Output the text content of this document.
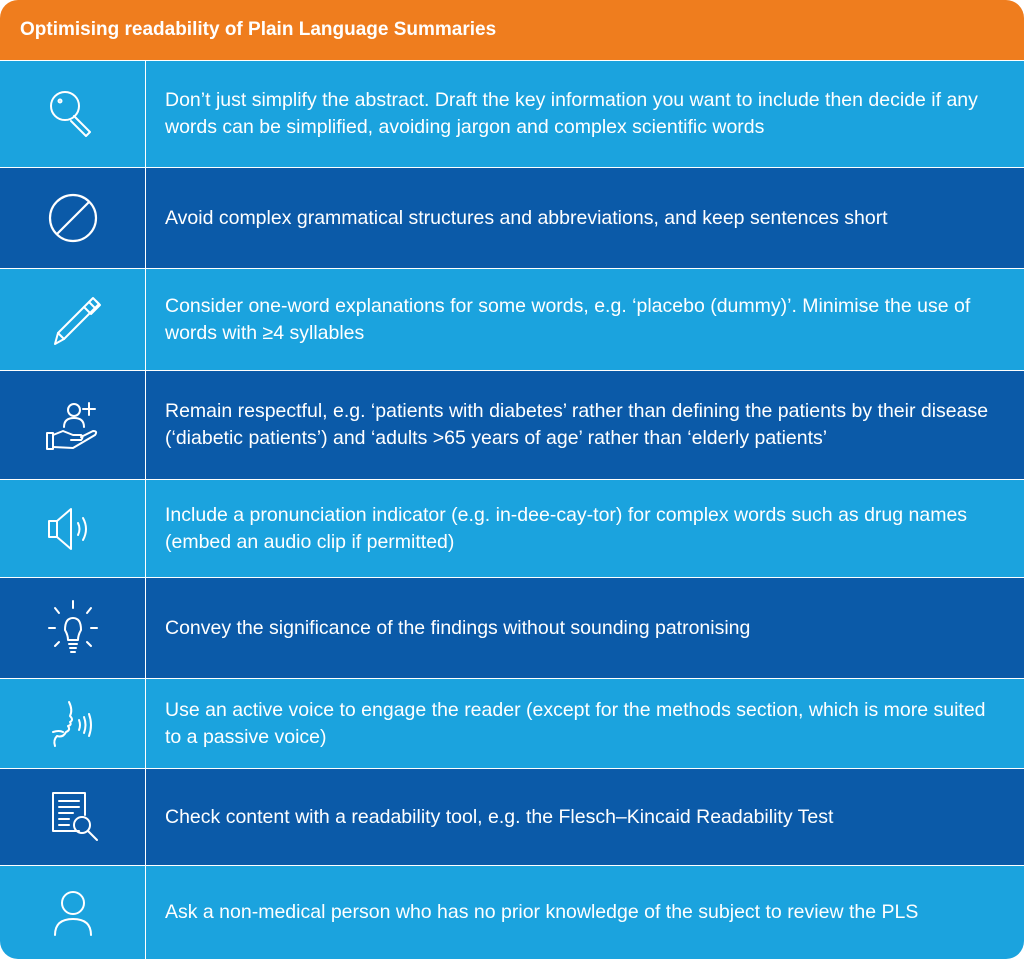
Optimising readability of Plain Language Summaries
Don’t just simplify the abstract. Draft the key information you want to include then decide if any words can be simplified, avoiding jargon and complex scientific words
Avoid complex grammatical structures and abbreviations, and keep sentences short
Consider one-word explanations for some words, e.g. ‘placebo (dummy)’. Minimise the use of words with ≥4 syllables
Remain respectful, e.g. ‘patients with diabetes’ rather than defining the patients by their disease (‘diabetic patients’) and ‘adults >65 years of age’ rather than ‘elderly patients’
Include a pronunciation indicator (e.g. in-dee-cay-tor) for complex words such as drug names (embed an audio clip if permitted)
Convey the significance of the findings without sounding patronising
Use an active voice to engage the reader (except for the methods section, which is more suited to a passive voice)
Check content with a readability tool, e.g. the Flesch–Kincaid Readability Test
Ask a non-medical person who has no prior knowledge of the subject to review the PLS
